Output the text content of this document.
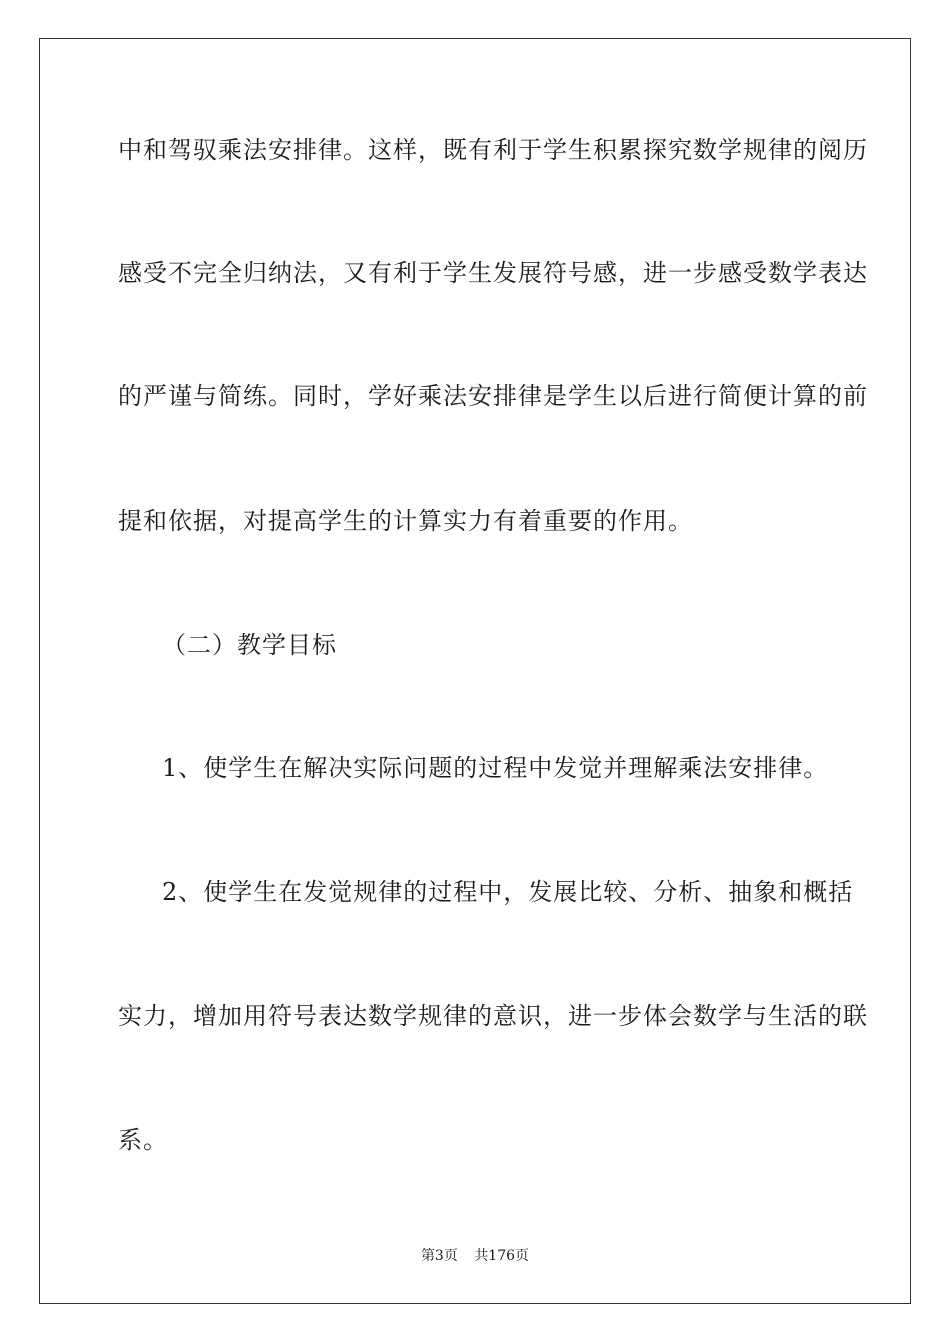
中和驾驭乘法安排律。这样，既有利于学生积累探究数学规律的阅历
感受不完全归纳法，又有利于学生发展符号感，进一步感受数学表达
的严谨与简练。同时，学好乘法安排律是学生以后进行简便计算的前
提和依据，对提高学生的计算实力有着重要的作用。
（二）教学目标
1、使学生在解决实际问题的过程中发觉并理解乘法安排律。
2、使学生在发觉规律的过程中，发展比较、分析、抽象和概括
实力，增加用符号表达数学规律的意识，进一步体会数学与生活的联
系。
第3页 共176页
